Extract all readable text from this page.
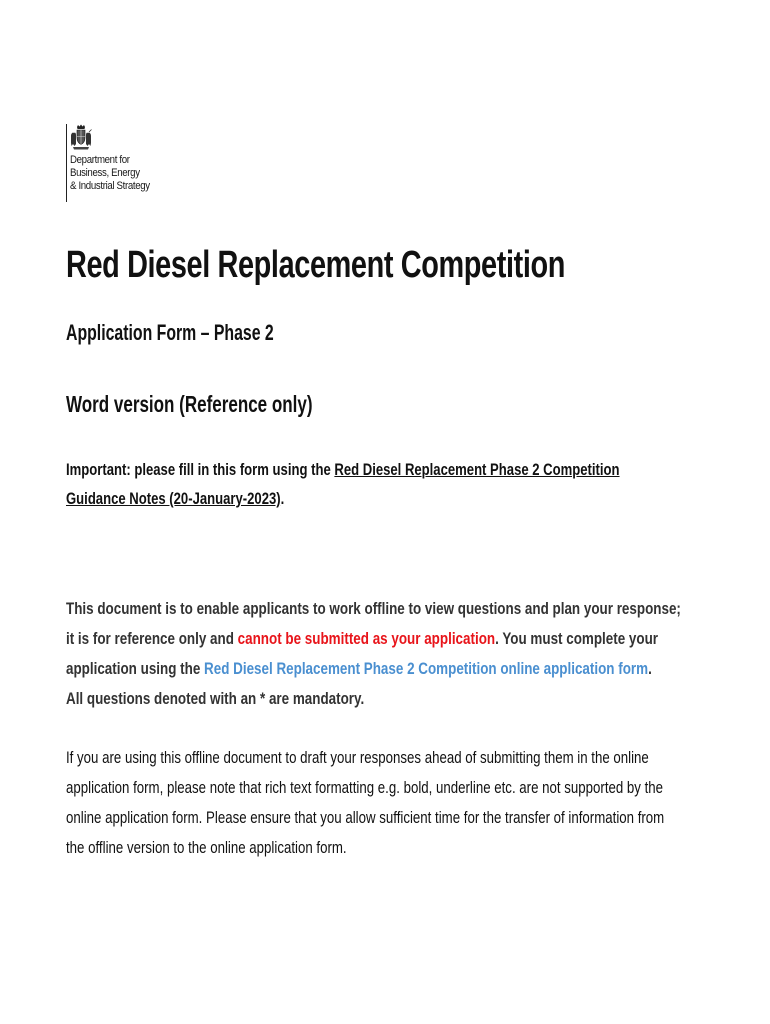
Department for
Business, Energy
& Industrial Strategy
Red Diesel Replacement Competition
Application Form – Phase 2
Word version (Reference only)
Important: please fill in this form using the Red Diesel Replacement Phase 2 Competition
Guidance Notes (20-January-2023).
This document is to enable applicants to work offline to view questions and plan your response;
it is for reference only and cannot be submitted as your application. You must complete your
application using the Red Diesel Replacement Phase 2 Competition online application form.
All questions denoted with an * are mandatory.
If you are using this offline document to draft your responses ahead of submitting them in the online
application form, please note that rich text formatting e.g. bold, underline etc. are not supported by the
online application form. Please ensure that you allow sufficient time for the transfer of information from
the offline version to the online application form.
